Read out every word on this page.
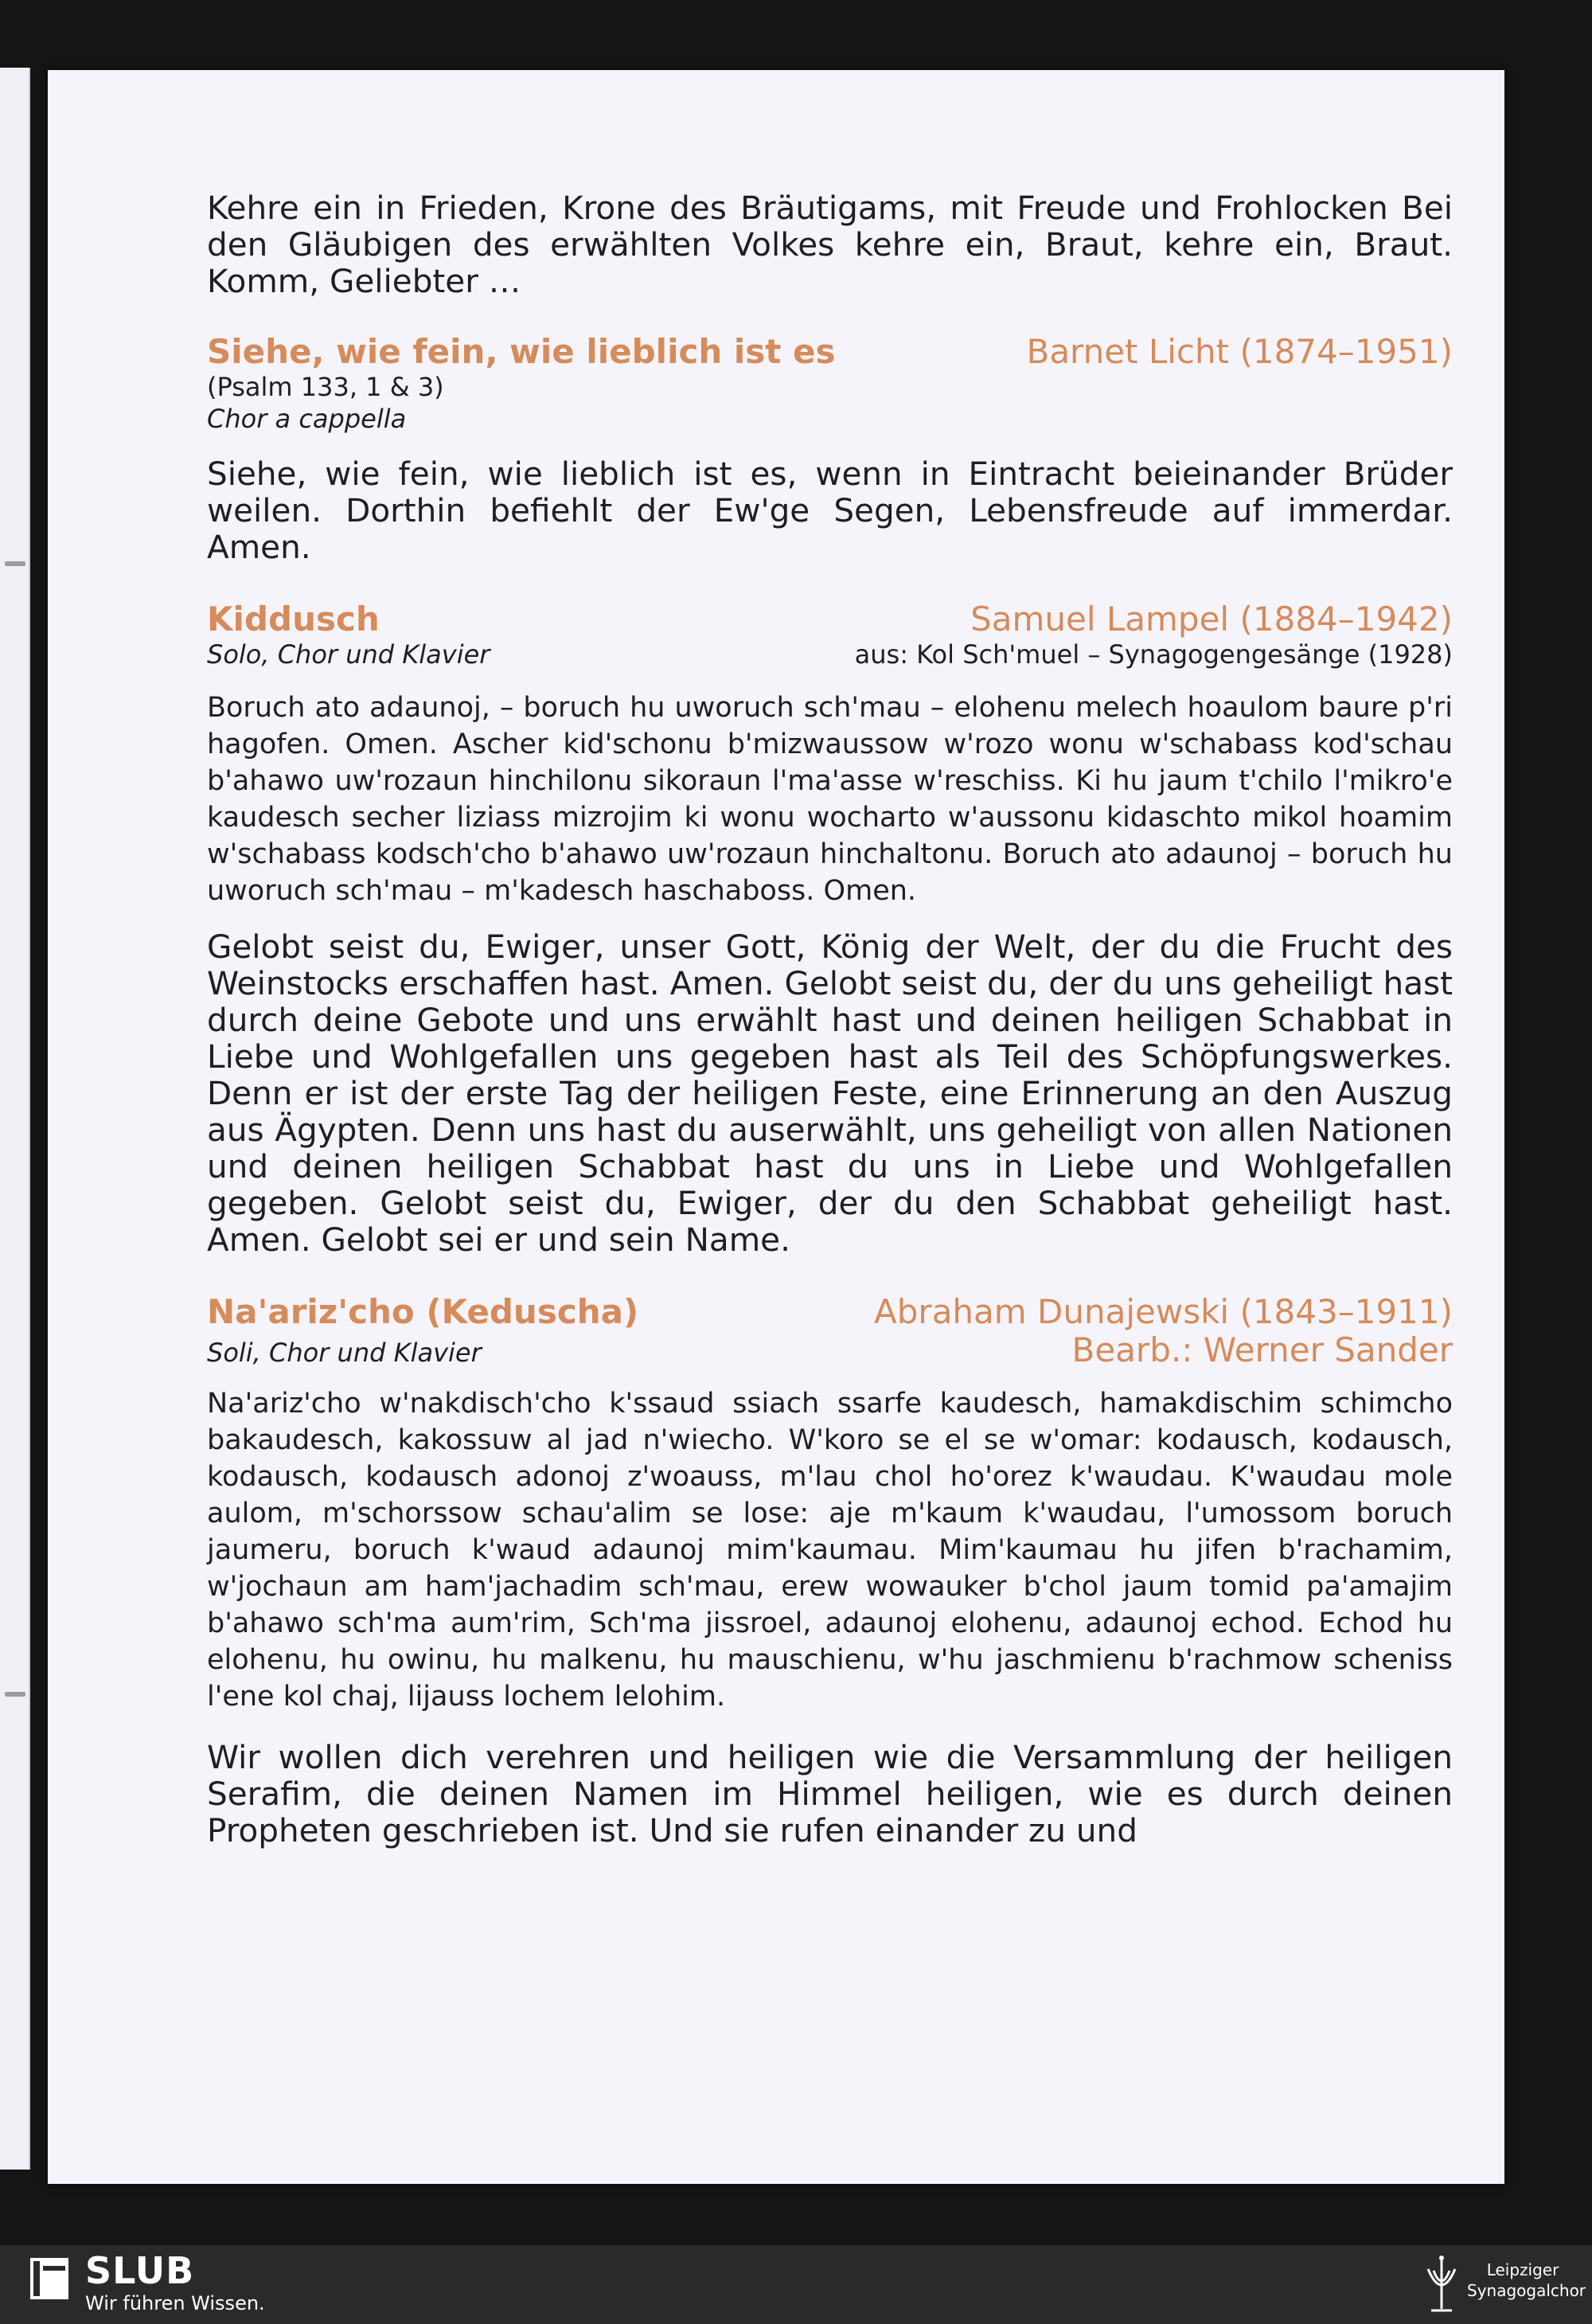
Kehre ein in Frieden, Krone des Bräutigams, mit Freude und Frohlocken Bei den Gläubigen des erwählten Volkes kehre ein, Braut, kehre ein, Braut. Komm, Geliebter …

Siehe, wie fein, wie lieblich ist es	Barnet Licht (1874–1951)
(Psalm 133, 1 & 3)
Chor a cappella

Siehe, wie fein, wie lieblich ist es, wenn in Eintracht beieinander Brüder weilen. Dorthin befiehlt der Ew'ge Segen, Lebensfreude auf immerdar. Amen.

Kiddusch	Samuel Lampel (1884–1942)
Solo, Chor und Klavier	aus: Kol Sch'muel – Synagogengesänge (1928)

Boruch ato adaunoj, – boruch hu uworuch sch'mau – elohenu melech hoaulom baure p'ri hagofen. Omen. Ascher kid'schonu b'mizwaussow w'rozo wonu w'schabass kod'schau b'ahawo uw'rozaun hinchilonu sikoraun l'ma'asse w'reschiss. Ki hu jaum t'chilo l'mikro'e kaudesch secher liziass mizrojim ki wonu wocharto w'aussonu kidaschto mikol hoamim w'schabass kodsch'cho b'ahawo uw'rozaun hinchaltonu. Boruch ato adaunoj – boruch hu uworuch sch'mau – m'kadesch haschaboss. Omen.

Gelobt seist du, Ewiger, unser Gott, König der Welt, der du die Frucht des Weinstocks erschaffen hast. Amen. Gelobt seist du, der du uns geheiligt hast durch deine Gebote und uns erwählt hast und deinen heiligen Schabbat in Liebe und Wohlgefallen uns gegeben hast als Teil des Schöpfungswerkes. Denn er ist der erste Tag der heiligen Feste, eine Erinnerung an den Auszug aus Ägypten. Denn uns hast du auserwählt, uns geheiligt von allen Nationen und deinen heiligen Schabbat hast du uns in Liebe und Wohlgefallen gegeben. Gelobt seist du, Ewiger, der du den Schabbat geheiligt hast. Amen. Gelobt sei er und sein Name.

Na'ariz'cho (Keduscha)	Abraham Dunajewski (1843–1911)
Soli, Chor und Klavier	Bearb.: Werner Sander

Na'ariz'cho w'nakdisch'cho k'ssaud ssiach ssarfe kaudesch, hamakdischim schimcho bakaudesch, kakossuw al jad n'wiecho. W'koro se el se w'omar: kodausch, kodausch, kodausch, kodausch adonoj z'woauss, m'lau chol ho'orez k'waudau. K'waudau mole aulom, m'schorssow schau'alim se lose: aje m'kaum k'waudau, l'umossom boruch jaumeru, boruch k'waud adaunoj mim'kaumau. Mim'kaumau hu jifen b'rachamim, w'jochaun am ham'jachadim sch'mau, erew wowauker b'chol jaum tomid pa'amajim b'ahawo sch'ma aum'rim, Sch'ma jissroel, adaunoj elohenu, adaunoj echod. Echod hu elohenu, hu owinu, hu malkenu, hu mauschienu, w'hu jaschmienu b'rachmow scheniss l'ene kol chaj, lijauss lochem lelohim.

Wir wollen dich verehren und heiligen wie die Versammlung der heiligen Serafim, die deinen Namen im Himmel heiligen, wie es durch deinen Propheten geschrieben ist. Und sie rufen einander zu und

SLUB
Wir führen Wissen.
Leipziger
Synagogalchor
